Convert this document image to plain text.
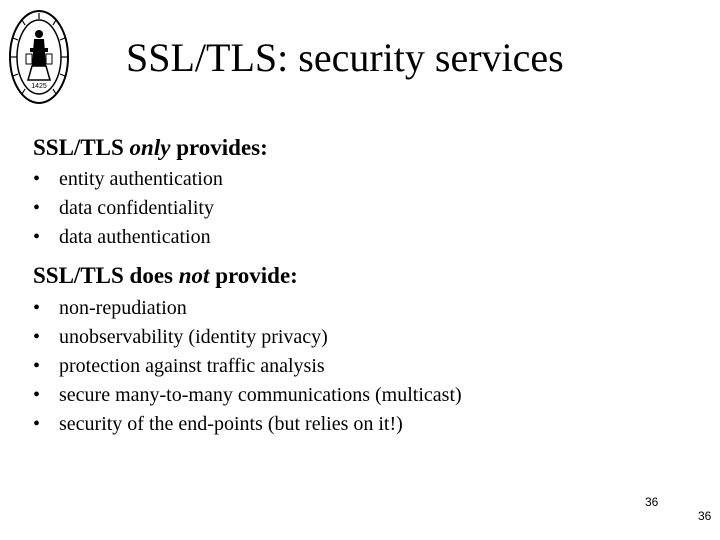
1425
SSL/TLS: security services
SSL/TLS only provides:
• entity authentication
• data confidentiality
• data authentication
SSL/TLS does not provide:
• non-repudiation
• unobservability (identity privacy)
• protection against traffic analysis
• secure many-to-many communications (multicast)
• security of the end-points (but relies on it!)
36
36
